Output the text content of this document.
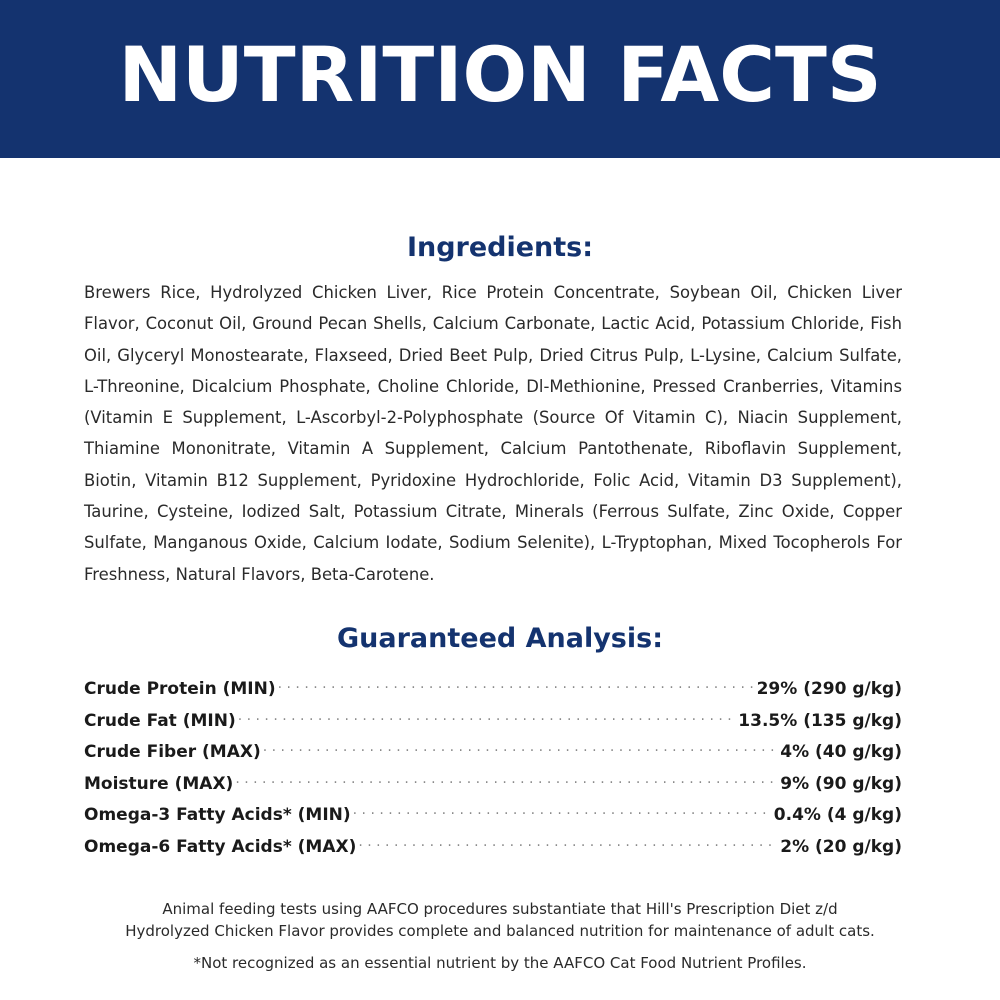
NUTRITION FACTS
Ingredients:
Brewers Rice, Hydrolyzed Chicken Liver, Rice Protein Concentrate, Soybean Oil, Chicken Liver Flavor, Coconut Oil, Ground Pecan Shells, Calcium Carbonate, Lactic Acid, Potassium Chloride, Fish Oil, Glyceryl Monostearate, Flaxseed, Dried Beet Pulp, Dried Citrus Pulp, L-Lysine, Calcium Sulfate, L-Threonine, Dicalcium Phosphate, Choline Chloride, Dl-Methionine, Pressed Cranberries, Vitamins (Vitamin E Supplement, L-Ascorbyl-2-Polyphosphate (Source Of Vitamin C), Niacin Supplement, Thiamine Mononitrate, Vitamin A Supplement, Calcium Pantothenate, Riboflavin Supplement, Biotin, Vitamin B12 Supplement, Pyridoxine Hydrochloride, Folic Acid, Vitamin D3 Supplement), Taurine, Cysteine, Iodized Salt, Potassium Citrate, Minerals (Ferrous Sulfate, Zinc Oxide, Copper Sulfate, Manganous Oxide, Calcium Iodate, Sodium Selenite), L-Tryptophan, Mixed Tocopherols For Freshness, Natural Flavors, Beta-Carotene.
Guaranteed Analysis:
Crude Protein (MIN) . . .	29% (290 g/kg)
Crude Fat (MIN) . . .	13.5% (135 g/kg)
Crude Fiber (MAX) . . .	4% (40 g/kg)
Moisture (MAX) . . .	9% (90 g/kg)
Omega-3 Fatty Acids* (MIN) . . .	0.4% (4 g/kg)
Omega-6 Fatty Acids* (MAX) . . .	2% (20 g/kg)
Animal feeding tests using AAFCO procedures substantiate that Hill's Prescription Diet z/d
Hydrolyzed Chicken Flavor provides complete and balanced nutrition for maintenance of adult cats.
*Not recognized as an essential nutrient by the AAFCO Cat Food Nutrient Profiles.
